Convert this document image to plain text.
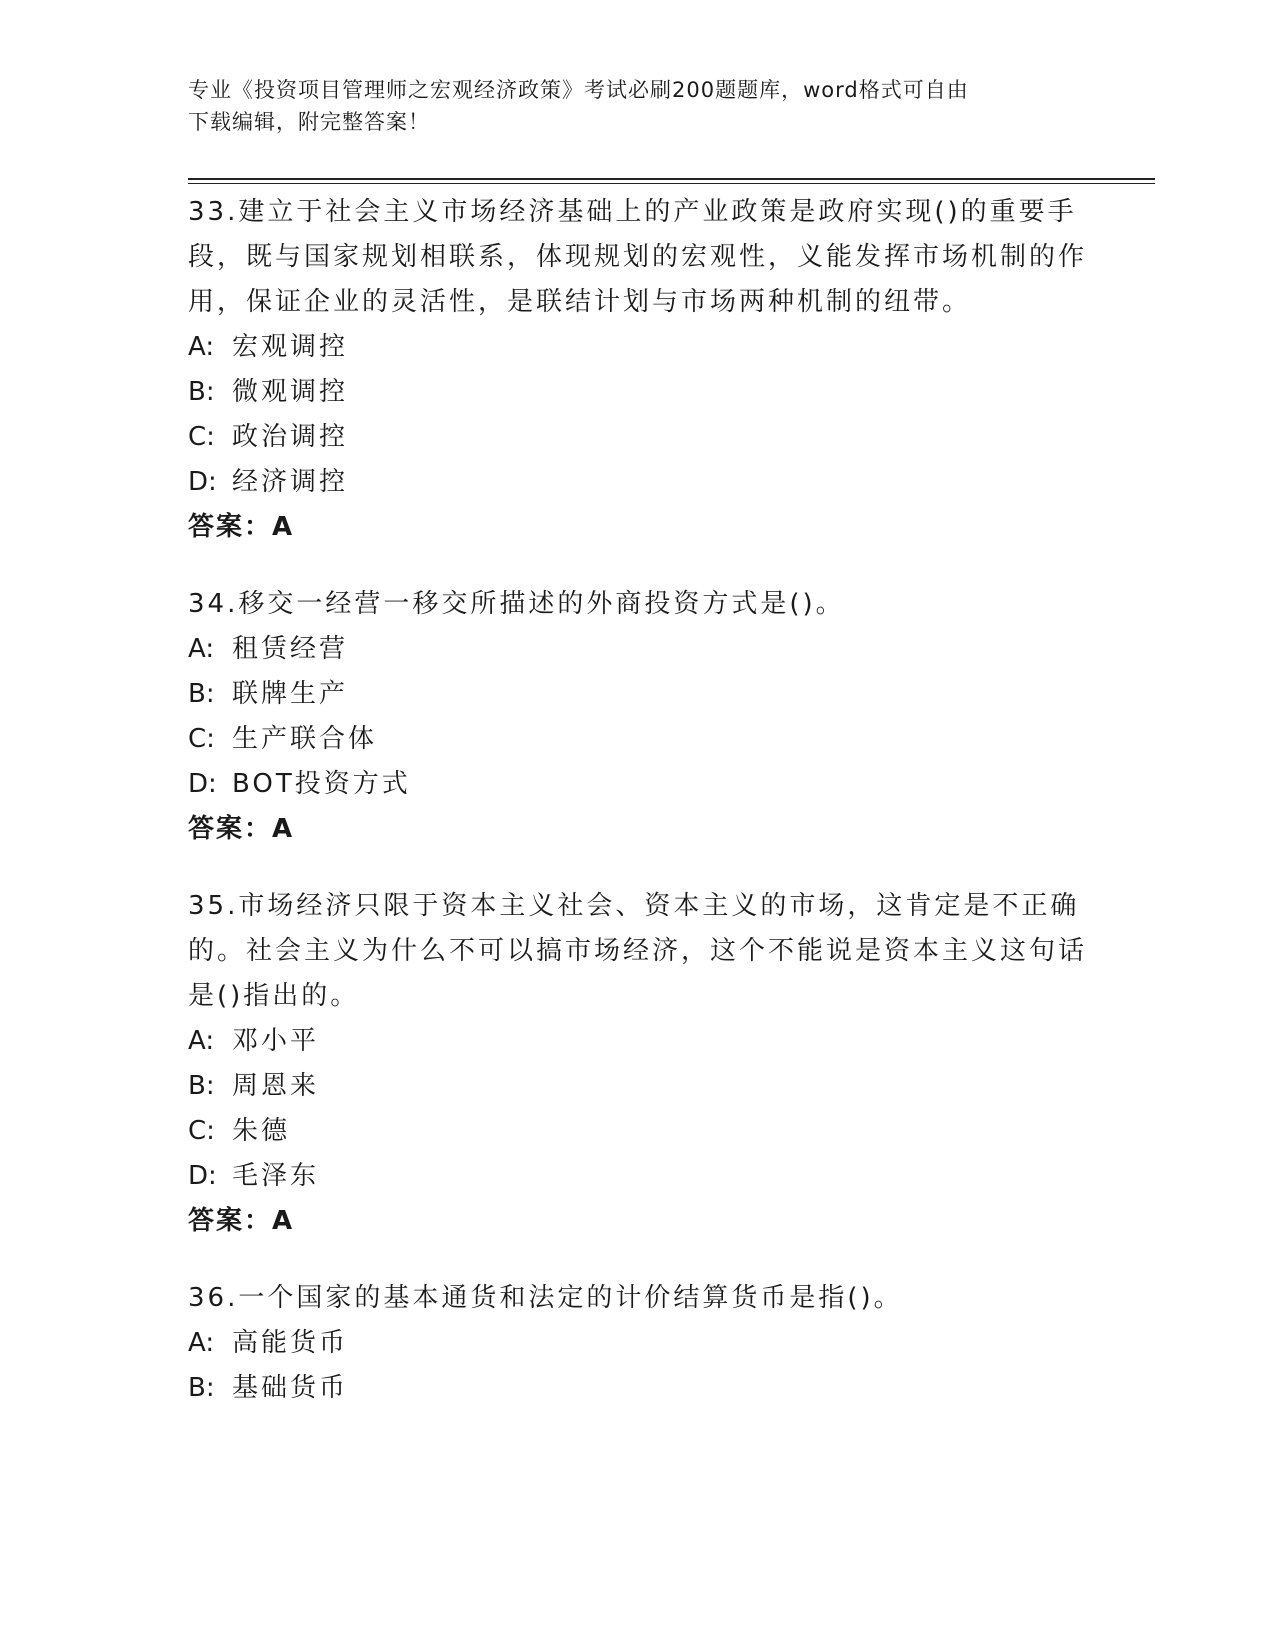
专业《投资项目管理师之宏观经济政策》考试必刷200题题库，word格式可自由
下载编辑，附完整答案！
33.建立于社会主义市场经济基础上的产业政策是政府实现()的重要手段，既与国家规划相联系，体现规划的宏观性，义能发挥市场机制的作用，保证企业的灵活性，是联结计划与市场两种机制的纽带。
A: 宏观调控
B: 微观调控
C: 政治调控
D: 经济调控
答案：A
34.移交一经营一移交所描述的外商投资方式是()。
A: 租赁经营
B: 联牌生产
C: 生产联合体
D: BOT投资方式
答案：A
35.市场经济只限于资本主义社会、资本主义的市场，这肯定是不正确的。社会主义为什么不可以搞市场经济，这个不能说是资本主义这句话是()指出的。
A: 邓小平
B: 周恩来
C: 朱德
D: 毛泽东
答案：A
36.一个国家的基本通货和法定的计价结算货币是指()。
A: 高能货币
B: 基础货币
